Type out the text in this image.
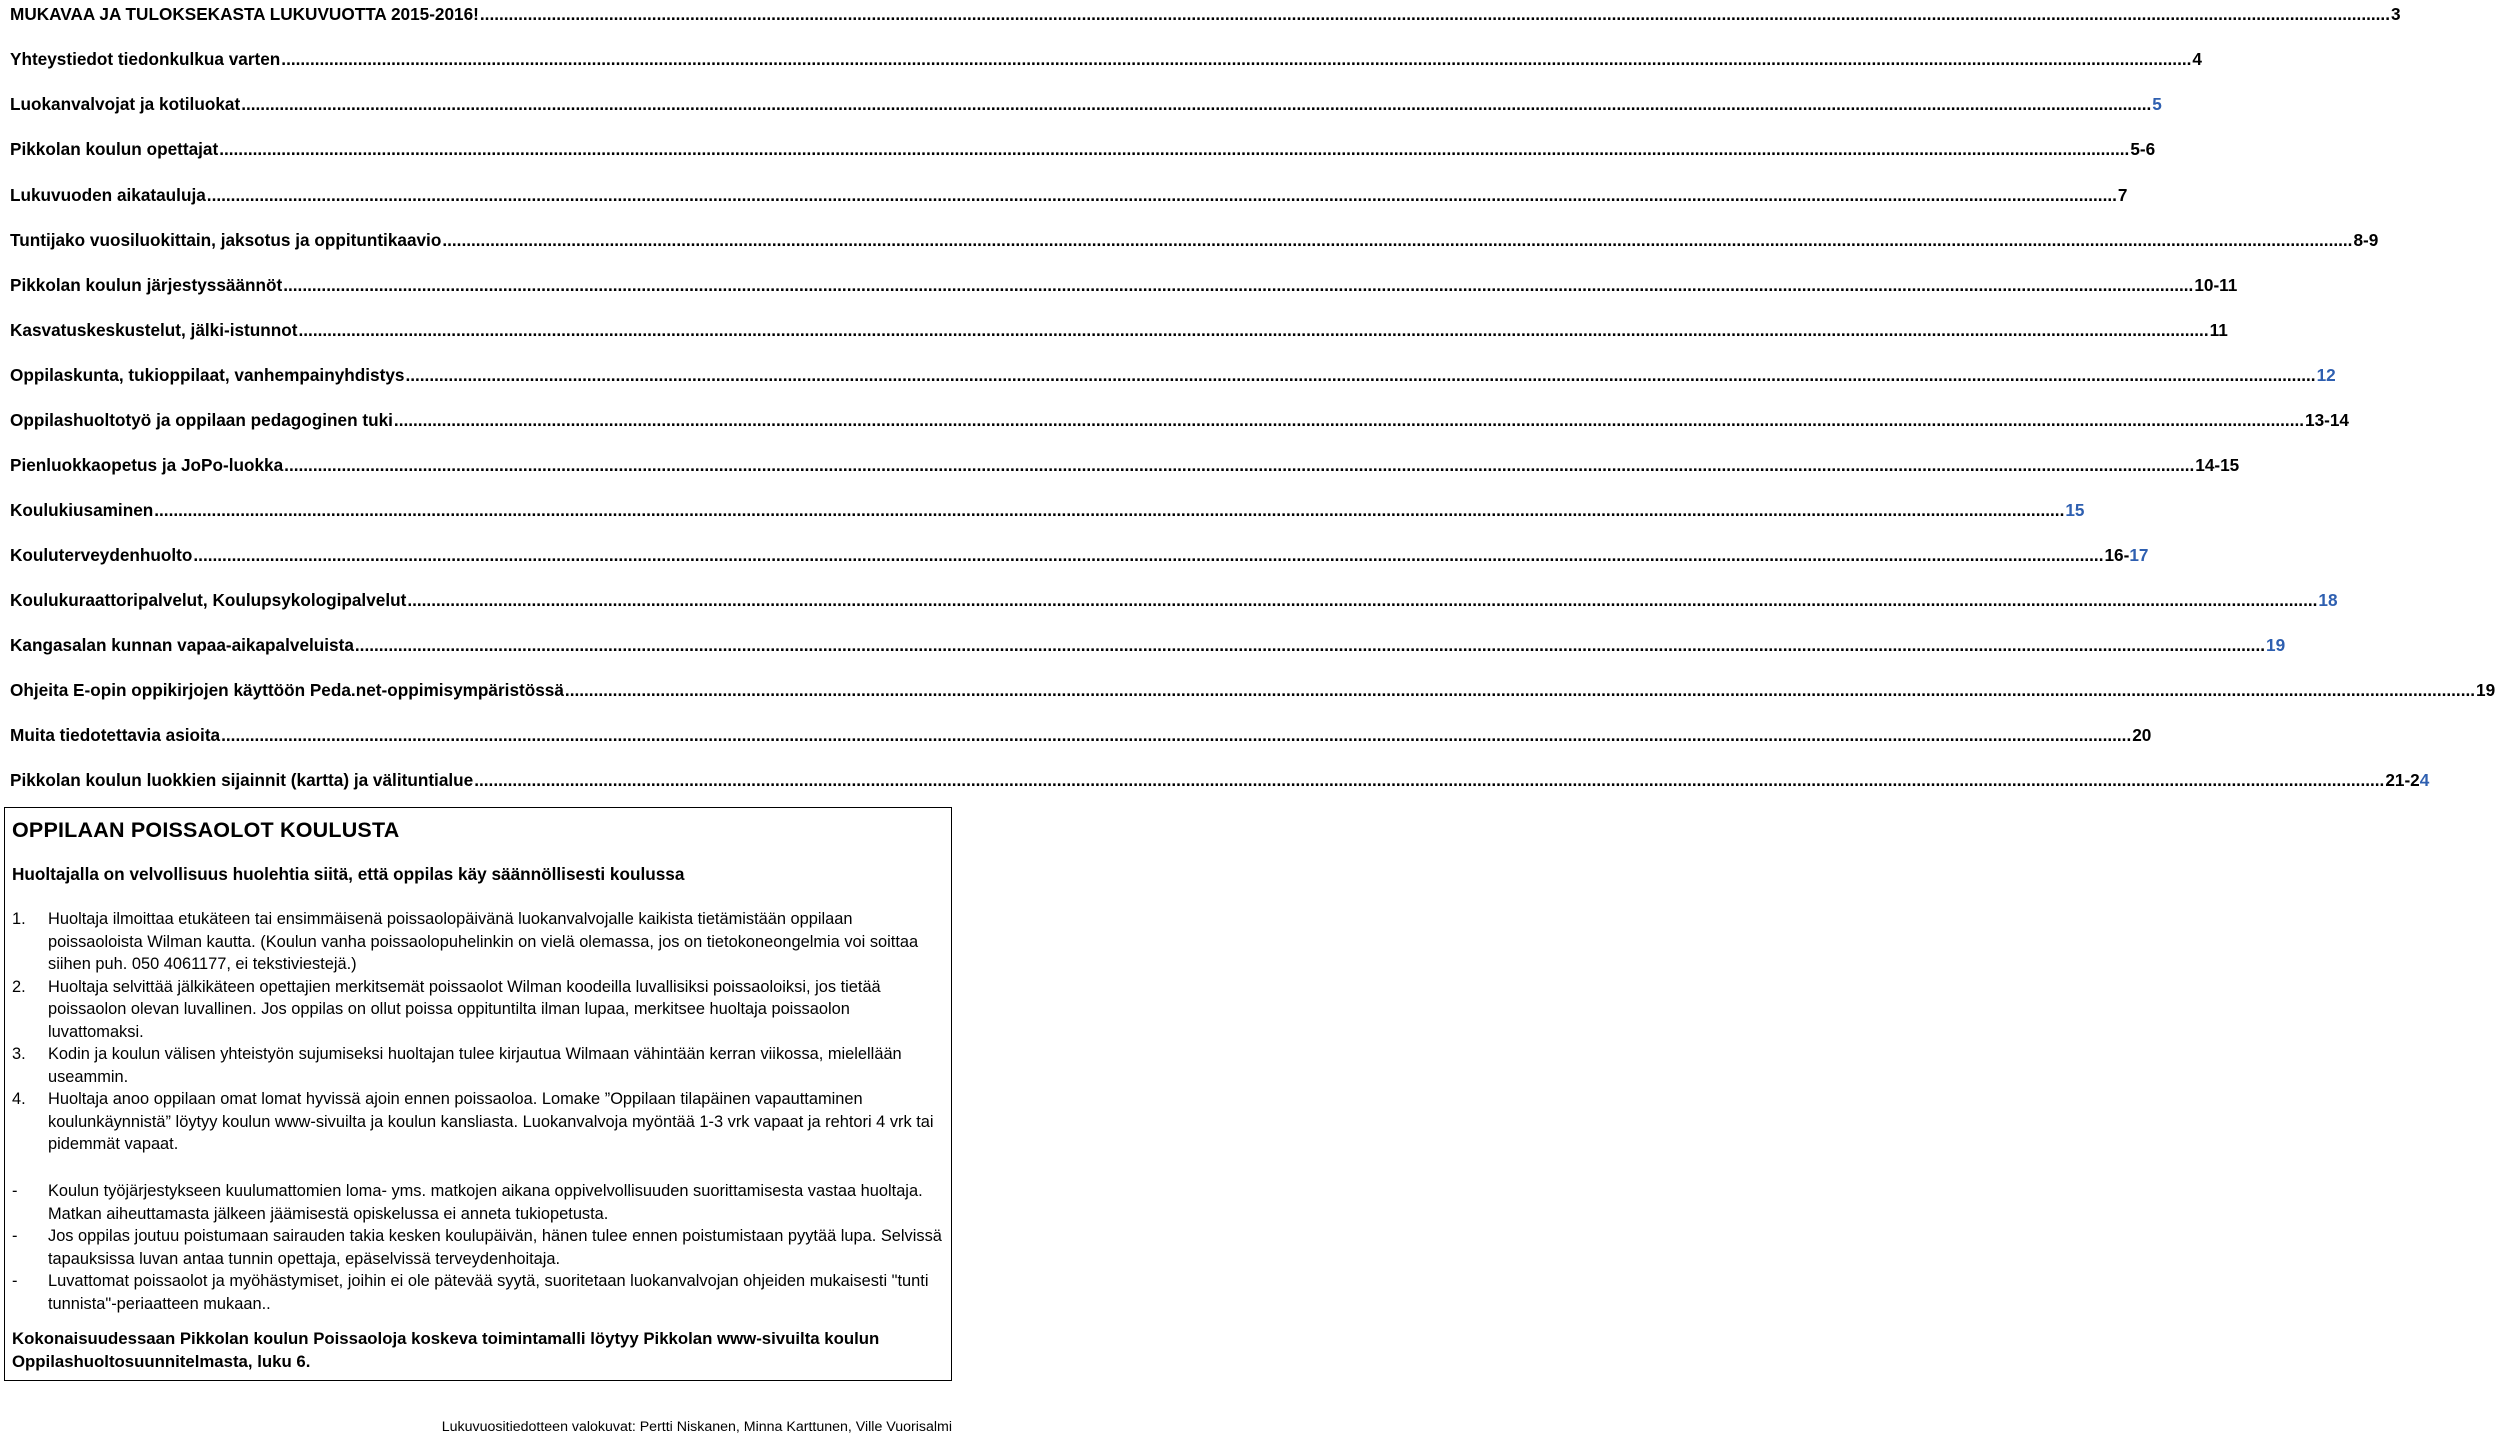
MUKAVAA JA TULOKSEKASTA LUKUVUOTTA 2015-2016! ................................................................................................................................................................................................................................................................................................................................................................................................................ 3
Yhteystiedot tiedonkulkua varten ................................................................................................................................................................................................................................................................................................................................................................................................................ 4
Luokanvalvojat ja kotiluokat ................................................................................................................................................................................................................................................................................................................................................................................................................ 5
Pikkolan koulun opettajat ................................................................................................................................................................................................................................................................................................................................................................................................................ 5-6
Lukuvuoden aikatauluja ................................................................................................................................................................................................................................................................................................................................................................................................................ 7
Tuntijako vuosiluokittain, jaksotus ja oppituntikaavio ................................................................................................................................................................................................................................................................................................................................................................................................................ 8-9
Pikkolan koulun järjestyssäännöt ................................................................................................................................................................................................................................................................................................................................................................................................................ 10-11
Kasvatuskeskustelut, jälki-istunnot ................................................................................................................................................................................................................................................................................................................................................................................................................ 11
Oppilaskunta, tukioppilaat, vanhempainyhdistys ................................................................................................................................................................................................................................................................................................................................................................................................................ 12
Oppilashuoltotyö ja oppilaan pedagoginen tuki ................................................................................................................................................................................................................................................................................................................................................................................................................ 13-14
Pienluokkaopetus ja JoPo-luokka ................................................................................................................................................................................................................................................................................................................................................................................................................ 14-15
Koulukiusaminen ................................................................................................................................................................................................................................................................................................................................................................................................................ 15
Kouluterveydenhuolto ................................................................................................................................................................................................................................................................................................................................................................................................................ 16-17
Koulukuraattoripalvelut, Koulupsykologipalvelut ................................................................................................................................................................................................................................................................................................................................................................................................................ 18
Kangasalan kunnan vapaa-aikapalveluista ................................................................................................................................................................................................................................................................................................................................................................................................................ 19
Ohjeita E-opin oppikirjojen käyttöön Peda.net-oppimisympäristössä ................................................................................................................................................................................................................................................................................................................................................................................................................ 19
Muita tiedotettavia asioita ................................................................................................................................................................................................................................................................................................................................................................................................................ 20
Pikkolan koulun luokkien sijainnit (kartta) ja välituntialue ................................................................................................................................................................................................................................................................................................................................................................................................................ 21-24
OPPILAAN POISSAOLOT KOULUSTA

Huoltajalla on velvollisuus huolehtia siitä, että oppilas käy säännöllisesti koulussa

1. Huoltaja ilmoittaa etukäteen tai ensimmäisenä poissaolopäivänä luokanvalvojalle kaikista tietämistään oppilaan poissaoloista Wilman kautta. (Koulun vanha poissaolopuhelinkin on vielä olemassa, jos on tietokoneongelmia voi soittaa siihen puh. 050 4061177, ei tekstiviestejä.)
2. Huoltaja selvittää jälkikäteen opettajien merkitsemät poissaolot Wilman koodeilla luvallisiksi poissaoloiksi, jos tietää poissaolon olevan luvallinen. Jos oppilas on ollut poissa oppituntilta ilman lupaa, merkitsee huoltaja poissaolon luvattomaksi.
3. Kodin ja koulun välisen yhteistyön sujumiseksi huoltajan tulee kirjautua Wilmaan vähintään kerran viikossa, mielellään useammin.
4. Huoltaja anoo oppilaan omat lomat hyvissä ajoin ennen poissaoloa. Lomake ”Oppilaan tilapäinen vapauttaminen koulunkäynnistä” löytyy koulun www-sivuilta ja koulun kansliasta. Luokanvalvoja myöntää 1-3 vrk vapaat ja rehtori 4 vrk tai pidemmät vapaat.
- Koulun työjärjestykseen kuulumattomien loma- yms. matkojen aikana oppivelvollisuuden suorittamisesta vastaa huoltaja. Matkan aiheuttamasta jälkeen jäämisestä opiskelussa ei anneta tukiopetusta.
- Jos oppilas joutuu poistumaan sairauden takia kesken koulupäivän, hänen tulee ennen poistumistaan pyytää lupa. Selvissä tapauksissa luvan antaa tunnin opettaja, epäselvissä terveydenhoitaja.
- Luvattomat poissaolot ja myöhästymiset, joihin ei ole pätevää syytä, suoritetaan luokanvalvojan ohjeiden mukaisesti "tunti tunnista"-periaatteen mukaan..

Kokonaisuudessaan Pikkolan koulun Poissaoloja koskeva toimintamalli löytyy Pikkolan www-sivuilta koulun Oppilashuoltosuunnitelmasta, luku 6.

Lukuvuositiedotteen valokuvat: Pertti Niskanen, Minna Karttunen, Ville Vuorisalmi
